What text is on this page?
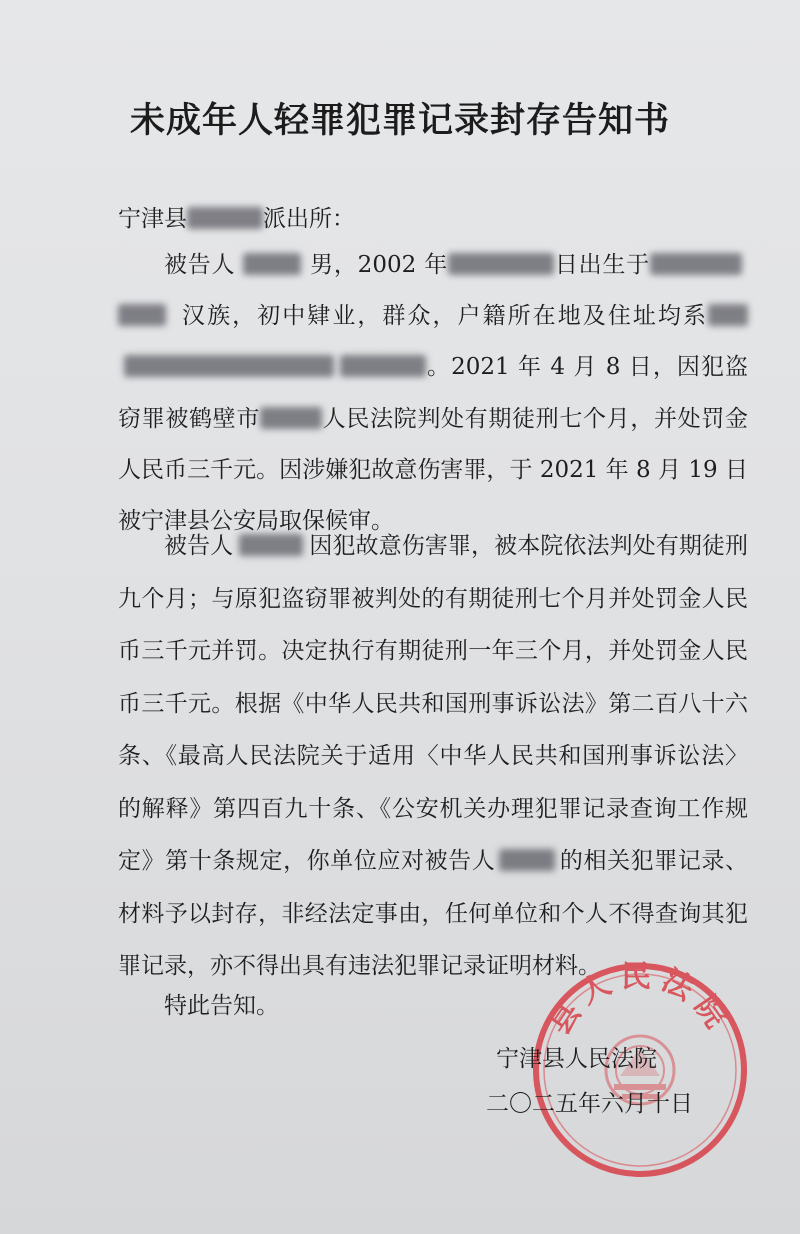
未成年人轻罪犯罪记录封存告知书
宁津县	派出所：
被告人	男，2002 年	日出生于汉族，初中肄业，群众，户籍所在地及住址均系。2021 年 4 月 8 日，因犯盗窃罪被鹤壁市	人民法院判处有期徒刑七个月，并处罚金人民币三千元。因涉嫌犯故意伤害罪，于 2021 年 8 月 19 日被宁津县公安局取保候审。
被告人	因犯故意伤害罪，被本院依法判处有期徒刑九个月；与原犯盗窃罪被判处的有期徒刑七个月并处罚金人民币三千元并罚。决定执行有期徒刑一年三个月，并处罚金人民币三千元。根据《中华人民共和国刑事诉讼法》第二百八十六条、《最高人民法院关于适用〈中华人民共和国刑事诉讼法〉的解释》第四百九十条、《公安机关办理犯罪记录查询工作规定》第十条规定，你单位应对被告人	的相关犯罪记录、材料予以封存，非经法定事由，任何单位和个人不得查询其犯罪记录，亦不得出具有违法犯罪记录证明材料。
特此告知。	县人民法院
宁津县人民法院
二〇二五年六月十日
